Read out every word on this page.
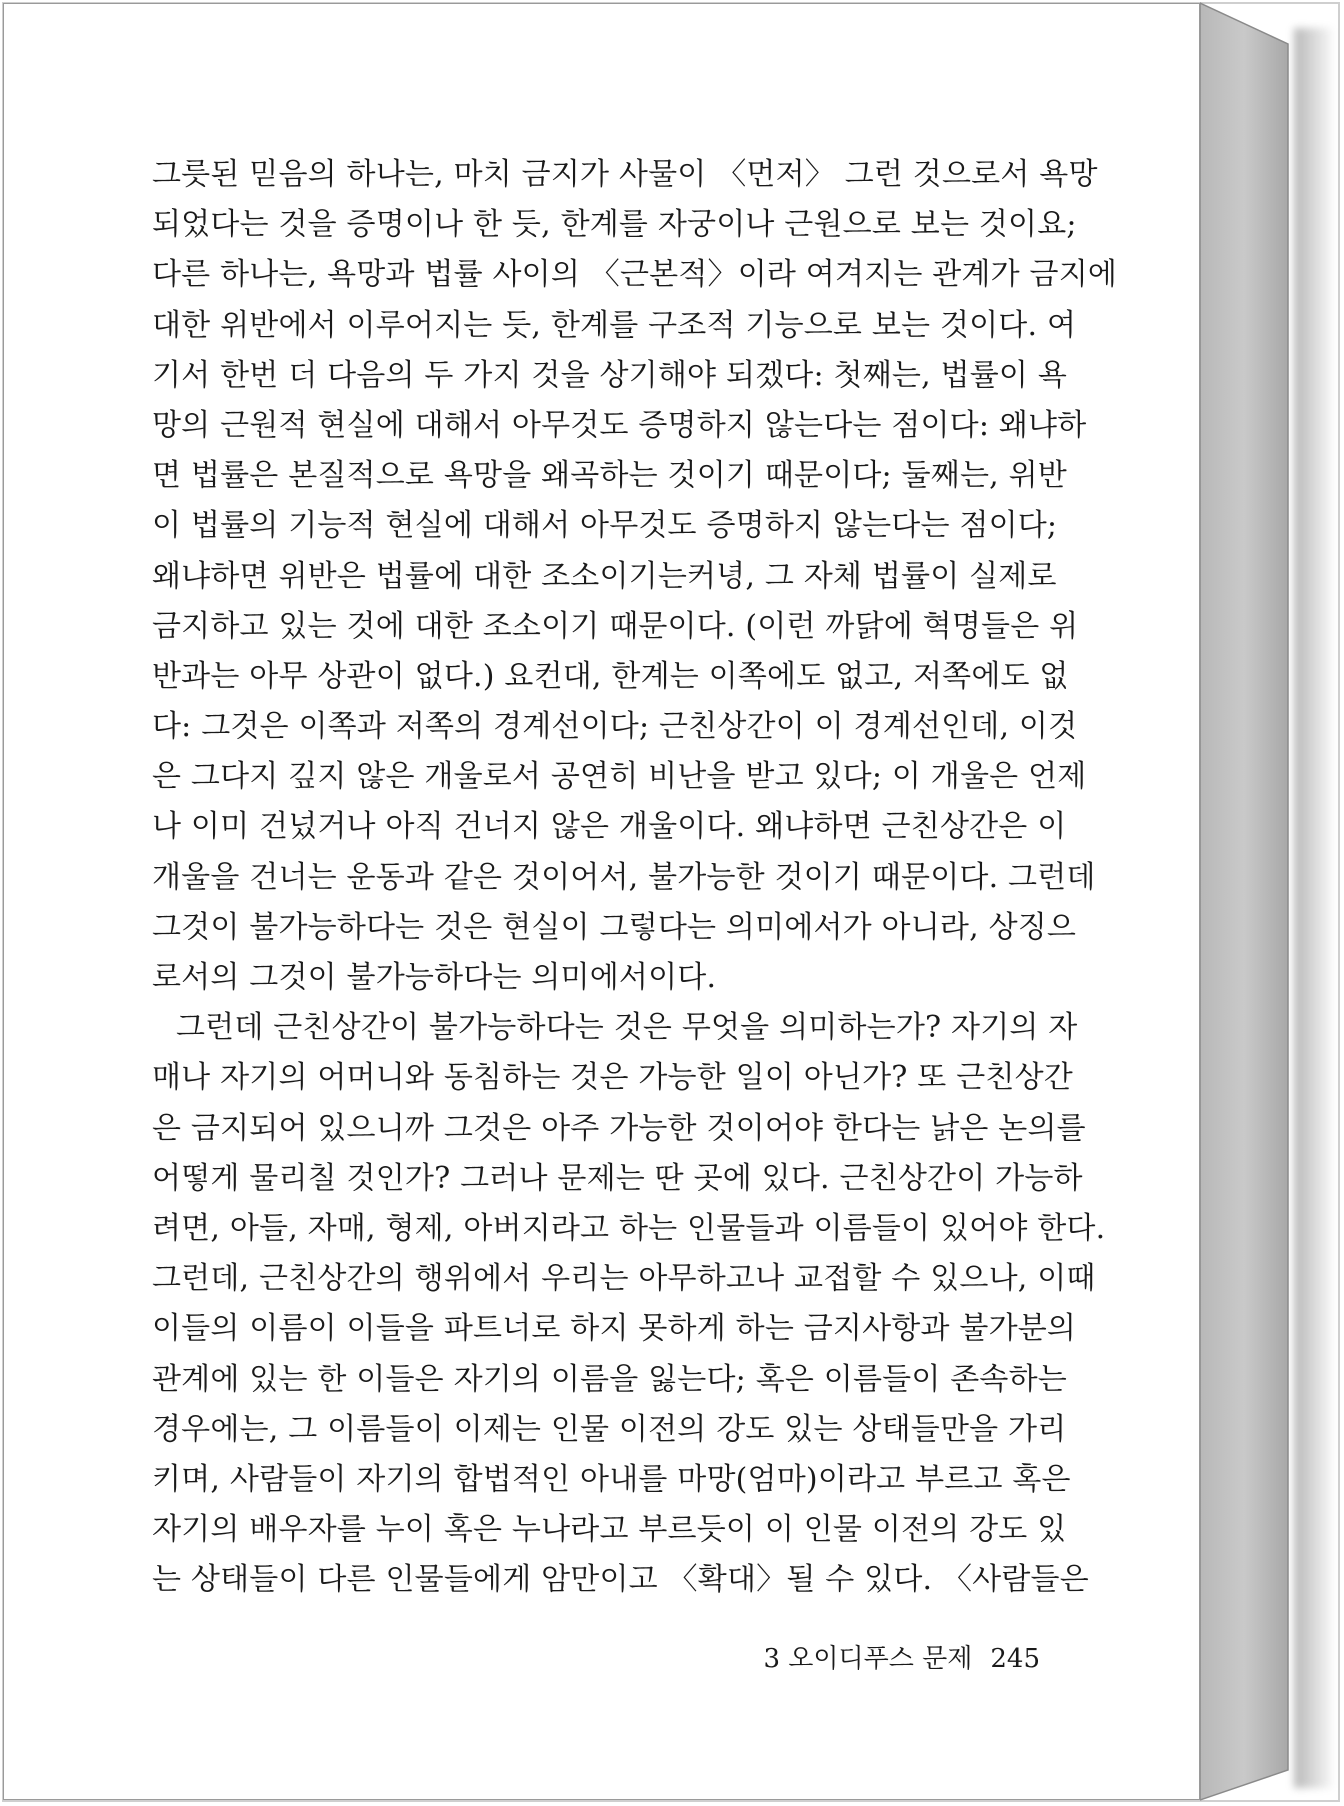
그릇된 믿음의 하나는, 마치 금지가 사물이 〈먼저〉 그런 것으로서 욕망
되었다는 것을 증명이나 한 듯, 한계를 자궁이나 근원으로 보는 것이요;
다른 하나는, 욕망과 법률 사이의 〈근본적〉이라 여겨지는 관계가 금지에
대한 위반에서 이루어지는 듯, 한계를 구조적 기능으로 보는 것이다. 여
기서 한번 더 다음의 두 가지 것을 상기해야 되겠다: 첫째는, 법률이 욕
망의 근원적 현실에 대해서 아무것도 증명하지 않는다는 점이다: 왜냐하
면 법률은 본질적으로 욕망을 왜곡하는 것이기 때문이다; 둘째는, 위반
이 법률의 기능적 현실에 대해서 아무것도 증명하지 않는다는 점이다;
왜냐하면 위반은 법률에 대한 조소이기는커녕, 그 자체 법률이 실제로
금지하고 있는 것에 대한 조소이기 때문이다. (이런 까닭에 혁명들은 위
반과는 아무 상관이 없다.) 요컨대, 한계는 이쪽에도 없고, 저쪽에도 없
다: 그것은 이쪽과 저쪽의 경계선이다; 근친상간이 이 경계선인데, 이것
은 그다지 깊지 않은 개울로서 공연히 비난을 받고 있다; 이 개울은 언제
나 이미 건넜거나 아직 건너지 않은 개울이다. 왜냐하면 근친상간은 이
개울을 건너는 운동과 같은 것이어서, 불가능한 것이기 때문이다. 그런데
그것이 불가능하다는 것은 현실이 그렇다는 의미에서가 아니라, 상징으
로서의 그것이 불가능하다는 의미에서이다.
그런데 근친상간이 불가능하다는 것은 무엇을 의미하는가? 자기의 자
매나 자기의 어머니와 동침하는 것은 가능한 일이 아닌가? 또 근친상간
은 금지되어 있으니까 그것은 아주 가능한 것이어야 한다는 낡은 논의를
어떻게 물리칠 것인가? 그러나 문제는 딴 곳에 있다. 근친상간이 가능하
려면, 아들, 자매, 형제, 아버지라고 하는 인물들과 이름들이 있어야 한다.
그런데, 근친상간의 행위에서 우리는 아무하고나 교접할 수 있으나, 이때
이들의 이름이 이들을 파트너로 하지 못하게 하는 금지사항과 불가분의
관계에 있는 한 이들은 자기의 이름을 잃는다; 혹은 이름들이 존속하는
경우에는, 그 이름들이 이제는 인물 이전의 강도 있는 상태들만을 가리
키며, 사람들이 자기의 합법적인 아내를 마망(엄마)이라고 부르고 혹은
자기의 배우자를 누이 혹은 누나라고 부르듯이 이 인물 이전의 강도 있
는 상태들이 다른 인물들에게 암만이고 〈확대〉될 수 있다. 〈사람들은
3 오이디푸스 문제 245
